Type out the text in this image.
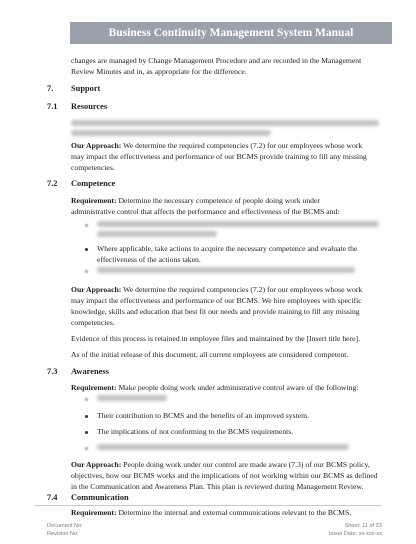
Business Continuity Management System Manual
changes are managed by Change Management Procedure and are recorded in the Management
Review Minutes and in, as appropriate for the difference.
7. Support
7.1 Resources
Our Approach: We determine the required competencies (7.2) for our employees whose work
may impact the effectiveness and performance of our BCMS provide training to fill any missing
competencies.
7.2 Competence
Requirement: Determine the necessary competence of people doing work under
administrative control that affects the performance and effectiveness of the BCMS and:
Where applicable, take actions to acquire the necessary competence and evaluate the
effectiveness of the actions taken.
Our Approach: We determine the required competencies (7.2) for our employees whose work
may impact the effectiveness and performance of our BCMS. We hire employees with specific
knowledge, skills and education that best fit our needs and provide training to fill any missing
competencies.
Evidence of this process is retained in employee files and maintained by the [Insert title here].
As of the initial release of this document, all current employees are considered competent.
7.3 Awareness
Requirement: Make people doing work under administrative control aware of the following:
Their contribution to BCMS and the benefits of an improved system.
The implications of not conforming to the BCMS requirements.
Our Approach: People doing work under our control are made aware (7.3) of our BCMS policy,
objectives, how our BCMS works and the implications of not working within our BCMS as defined
in the Communication and Awareness Plan. This plan is reviewed during Management Review.
7.4 Communication
Requirement: Determine the internal and external communications relevant to the BCMS,
Document No:
Revision No:
Sheet: 11 of 23
Issue Date: xx-xxx-xx
